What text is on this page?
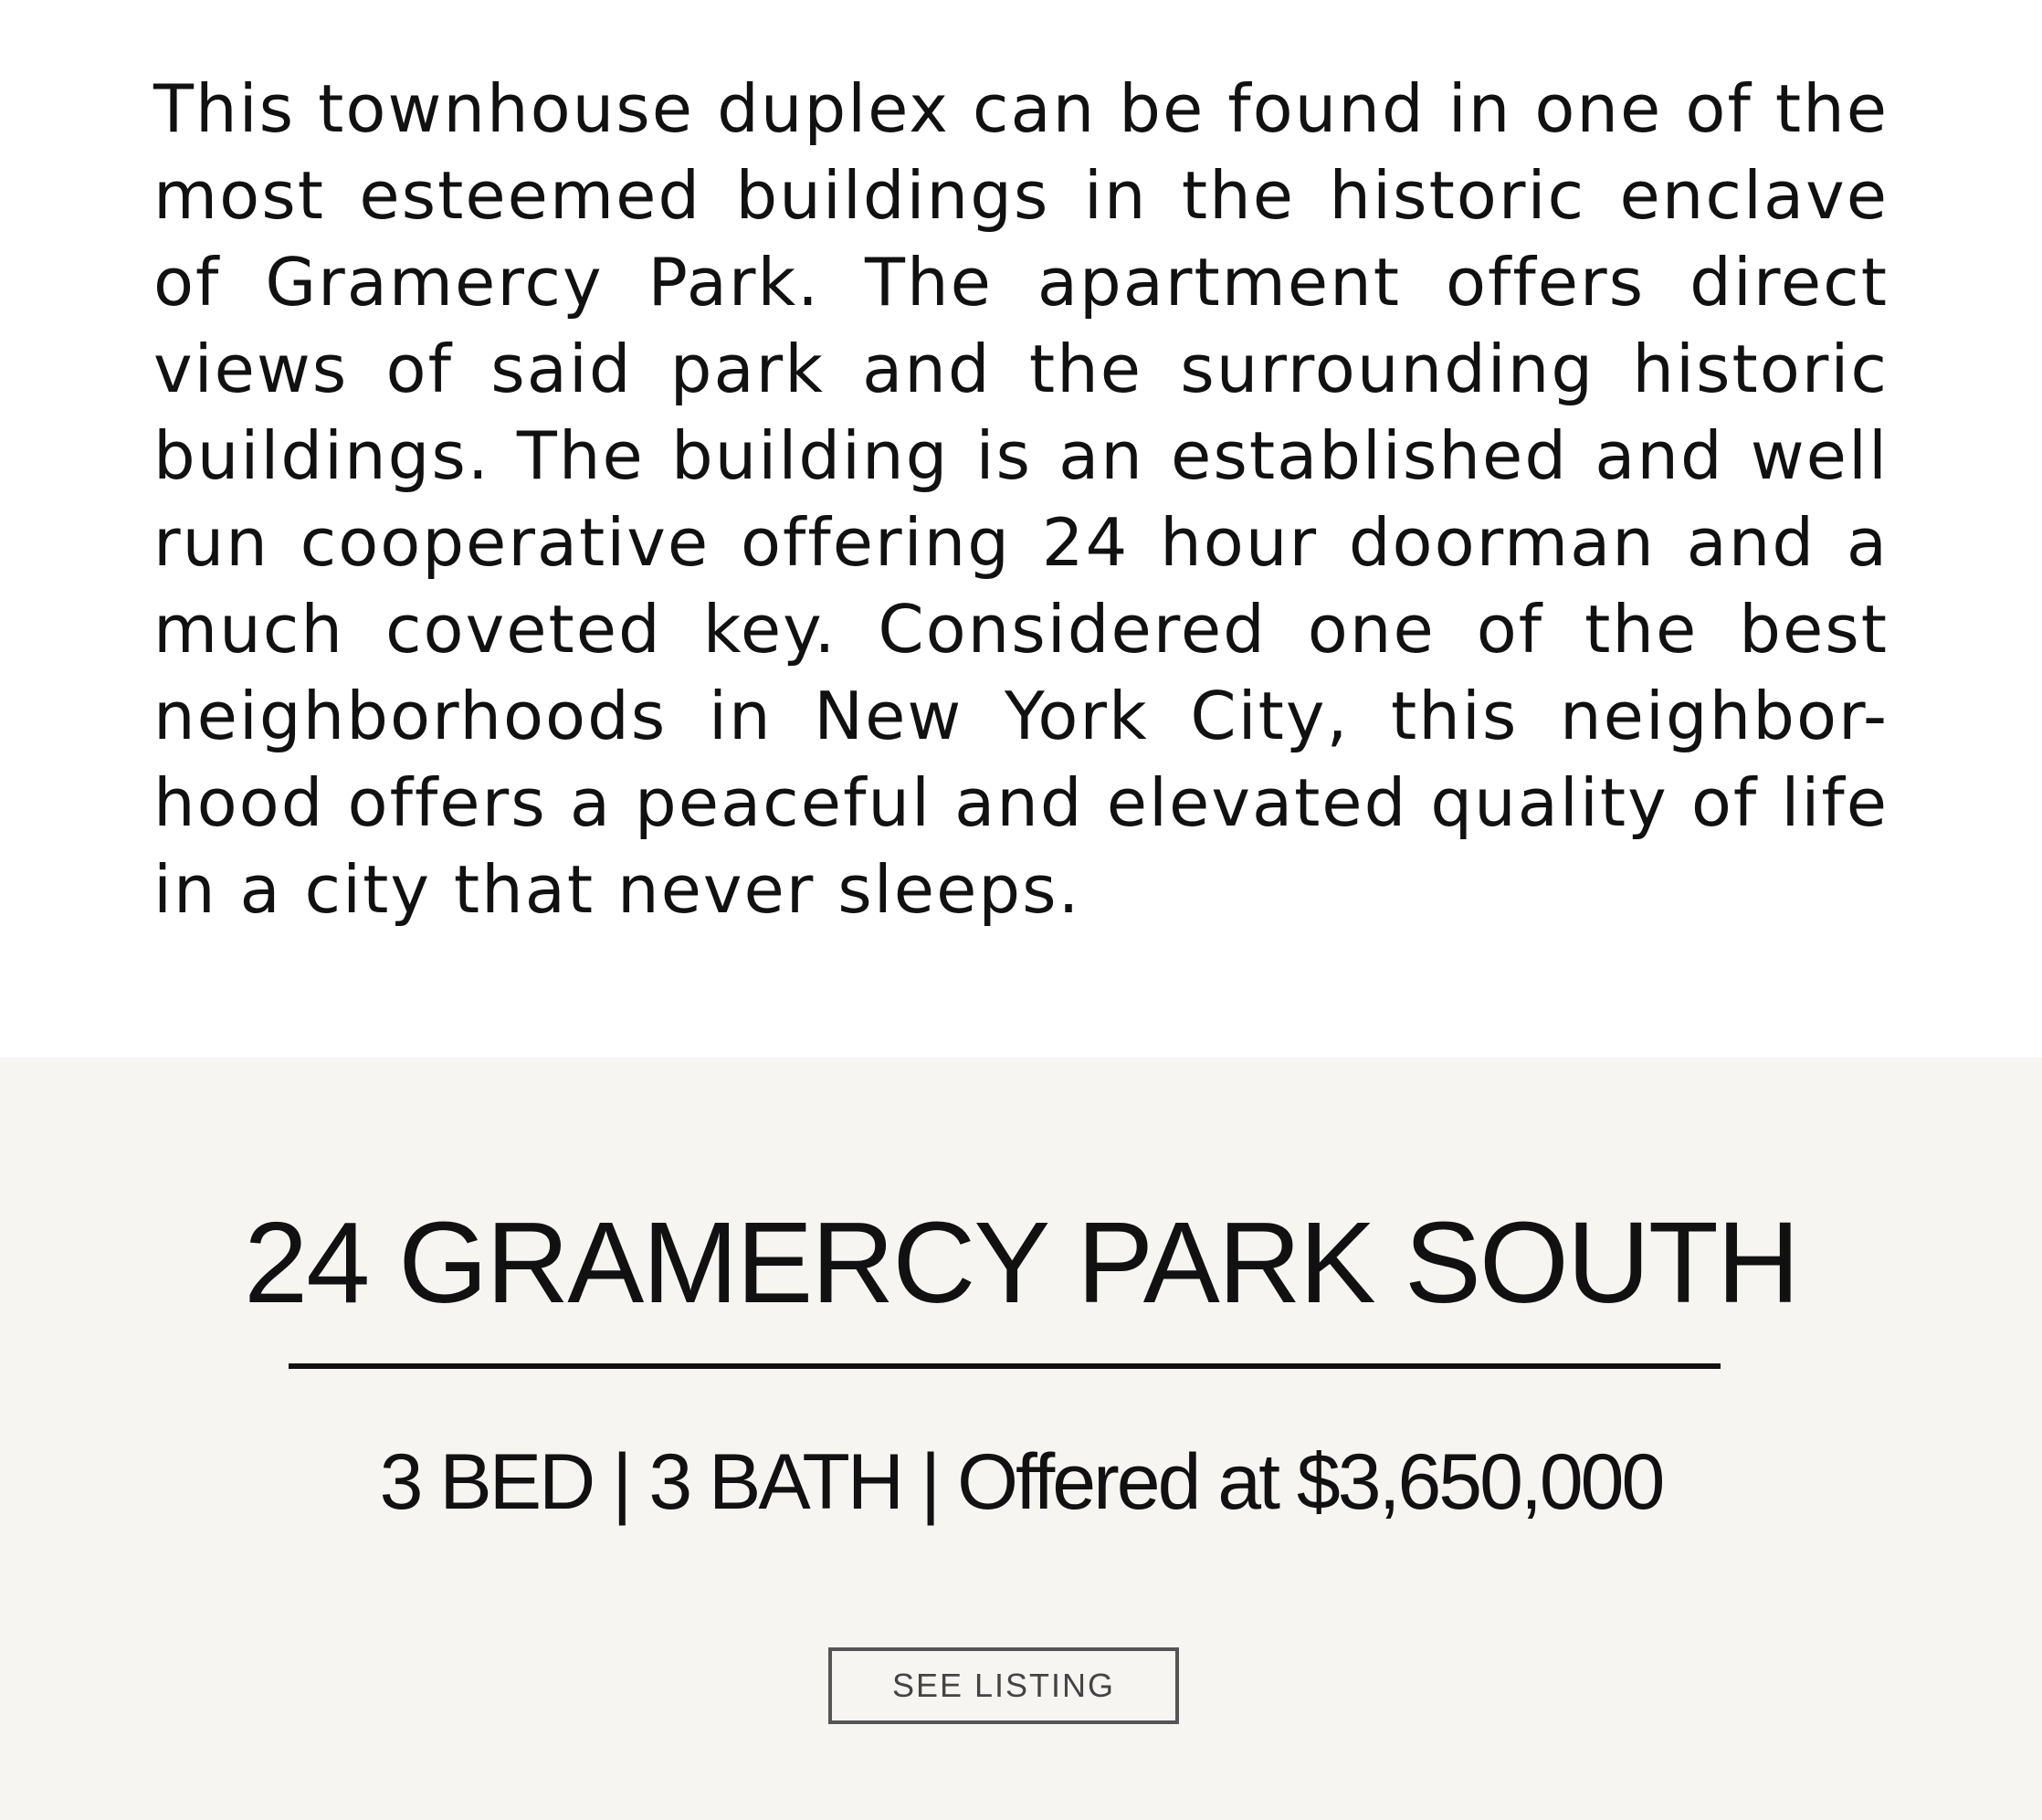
This townhouse duplex can be found in one of the most esteemed buildings in the historic enclave of Gramercy Park. The apartment offers direct views of said park and the surrounding historic buildings. The building is an established and well run cooperative offering 24 hour doorman and a much coveted key. Considered one of the best neighborhoods in New York City, this neighbor-hood offers a peaceful and elevated quality of life in a city that never sleeps.

24 GRAMERCY PARK SOUTH

3 BED | 3 BATH | Offered at $3,650,000

SEE LISTING
